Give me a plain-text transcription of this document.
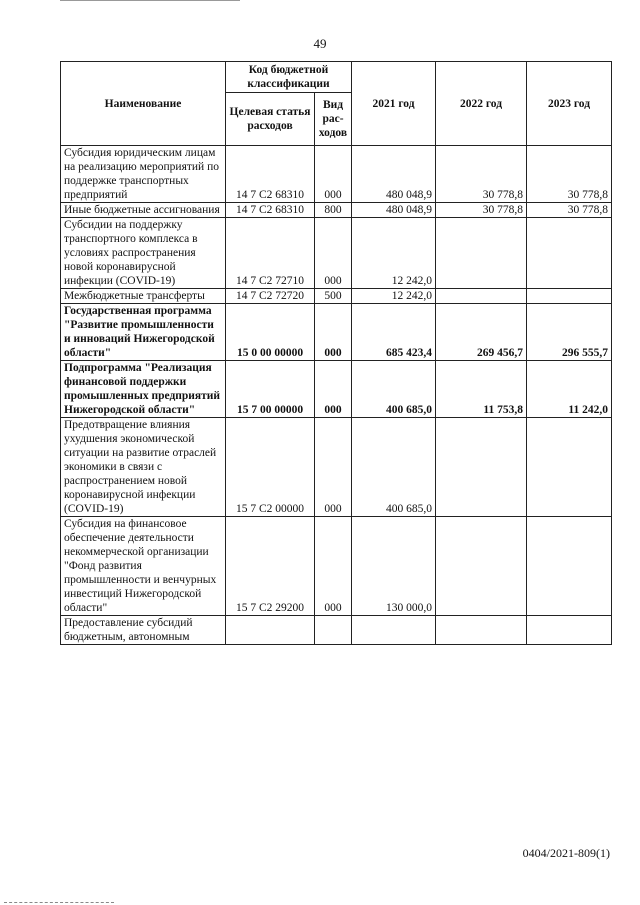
49
Наименование	Код бюджетной классификации		2021 год	2022 год	2023 год
	Целевая статья расходов	Вид рас-ходов			
Субсидия юридическим лицам на реализацию мероприятий по поддержке транспортных предприятий	14 7 C2 68310	000	480 048,9	30 778,8	30 778,8
Иные бюджетные ассигнования	14 7 C2 68310	800	480 048,9	30 778,8	30 778,8
Субсидии на поддержку транспортного комплекса в условиях распространения новой коронавирусной инфекции (COVID-19)	14 7 C2 72710	000	12 242,0		
Межбюджетные трансферты	14 7 C2 72720	500	12 242,0		
Государственная программа "Развитие промышленности и инноваций Нижегородской области"	15 0 00 00000	000	685 423,4	269 456,7	296 555,7
Подпрограмма "Реализация финансовой поддержки промышленных предприятий Нижегородской области"	15 7 00 00000	000	400 685,0	11 753,8	11 242,0
Предотвращение влияния ухудшения экономической ситуации на развитие отраслей экономики в связи с распространением новой коронавирусной инфекции (COVID-19)	15 7 C2 00000	000	400 685,0		
Субсидия на финансовое обеспечение деятельности некоммерческой организации "Фонд развития промышленности и венчурных инвестиций Нижегородской области"	15 7 C2 29200	000	130 000,0		
Предоставление субсидий бюджетным, автономным					
0404/2021-809(1)
